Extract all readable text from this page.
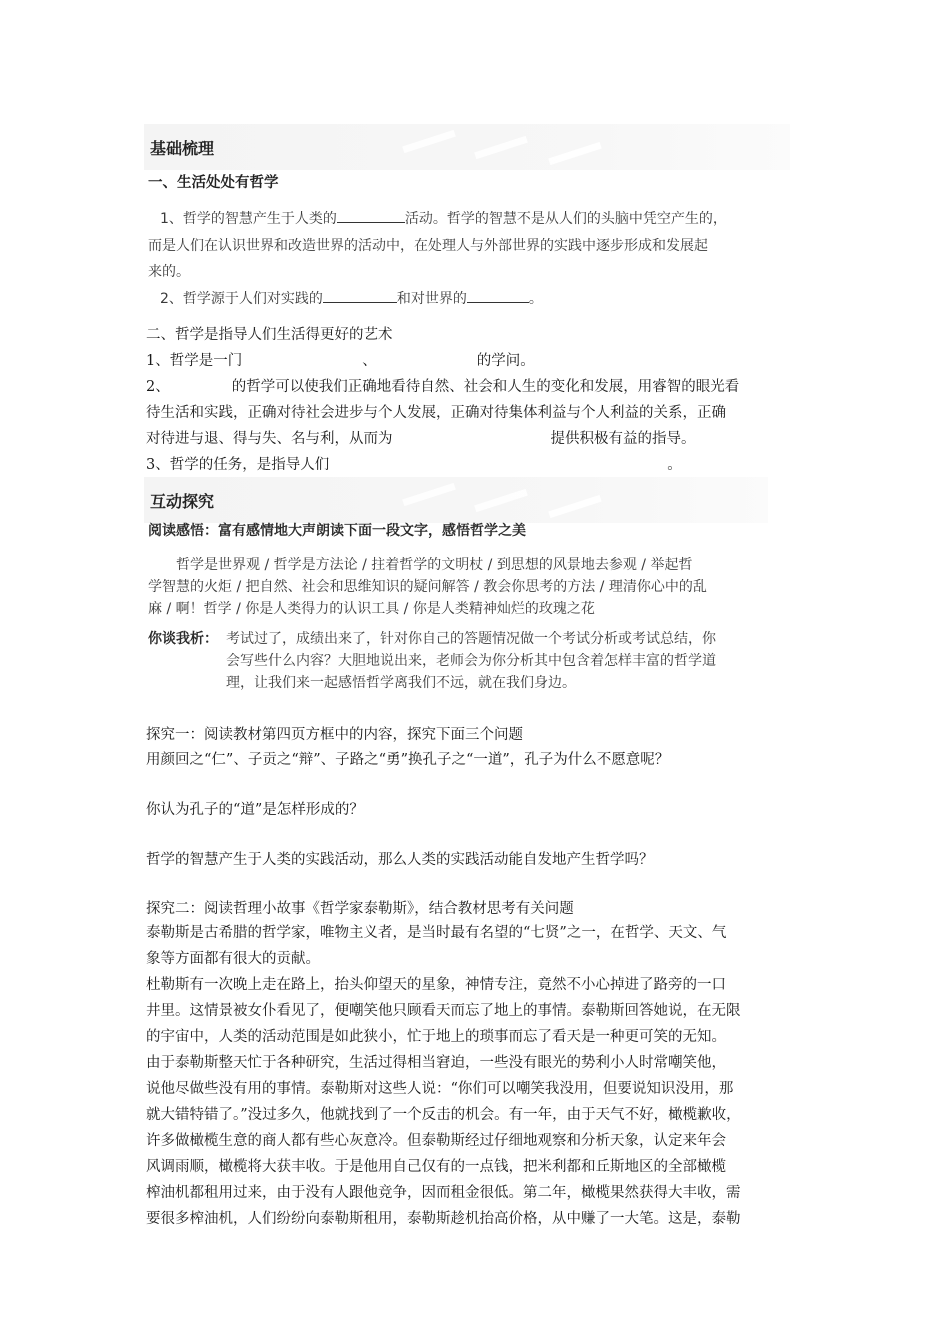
基础梳理
一、生活处处有哲学
1、哲学的智慧产生于人类的	活动。哲学的智慧不是从人们的头脑中凭空产生的，
而是人们在认识世界和改造世界的活动中，在处理人与外部世界的实践中逐步形成和发展起
来的。
2、哲学源于人们对实践的	和对世界的	。
二、哲学是指导人们生活得更好的艺术
1、哲学是一门	、	的学问。
2、	的哲学可以使我们正确地看待自然、社会和人生的变化和发展，用睿智的眼光看
待生活和实践，正确对待社会进步与个人发展，正确对待集体利益与个人利益的关系，正确
对待进与退、得与失、名与利，从而为	提供积极有益的指导。
3、哲学的任务，是指导人们	。
互动探究
阅读感悟：富有感情地大声朗读下面一段文字，感悟哲学之美
哲学是世界观 / 哲学是方法论 / 拄着哲学的文明杖 / 到思想的风景地去参观 / 举起哲
学智慧的火炬 / 把自然、社会和思维知识的疑问解答 / 教会你思考的方法 / 理清你心中的乱
麻 / 啊！哲学 / 你是人类得力的认识工具 / 你是人类精神灿烂的玫瑰之花
你谈我析： 考试过了，成绩出来了，针对你自己的答题情况做一个考试分析或考试总结，你
会写些什么内容？大胆地说出来，老师会为你分析其中包含着怎样丰富的哲学道
理，让我们来一起感悟哲学离我们不远，就在我们身边。
探究一：阅读教材第四页方框中的内容，探究下面三个问题
用颜回之“仁”、子贡之“辩”、子路之“勇”换孔子之“一道”，孔子为什么不愿意呢？
你认为孔子的“道”是怎样形成的？
哲学的智慧产生于人类的实践活动，那么人类的实践活动能自发地产生哲学吗？
探究二：阅读哲理小故事《哲学家泰勒斯》，结合教材思考有关问题
泰勒斯是古希腊的哲学家，唯物主义者，是当时最有名望的“七贤”之一，在哲学、天文、气
象等方面都有很大的贡献。
杜勒斯有一次晚上走在路上，抬头仰望天的星象，神情专注，竟然不小心掉进了路旁的一口
井里。这情景被女仆看见了，便嘲笑他只顾看天而忘了地上的事情。泰勒斯回答她说，在无限
的宇宙中，人类的活动范围是如此狭小，忙于地上的琐事而忘了看天是一种更可笑的无知。
由于泰勒斯整天忙于各种研究，生活过得相当窘迫，一些没有眼光的势利小人时常嘲笑他，
说他尽做些没有用的事情。泰勒斯对这些人说：“你们可以嘲笑我没用，但要说知识没用，那
就大错特错了。”没过多久，他就找到了一个反击的机会。有一年，由于天气不好，橄榄歉收，
许多做橄榄生意的商人都有些心灰意冷。但泰勒斯经过仔细地观察和分析天象，认定来年会
风调雨顺，橄榄将大获丰收。于是他用自己仅有的一点钱，把米利都和丘斯地区的全部橄榄
榨油机都租用过来，由于没有人跟他竞争，因而租金很低。第二年，橄榄果然获得大丰收，需
要很多榨油机，人们纷纷向泰勒斯租用，泰勒斯趁机抬高价格，从中赚了一大笔。这是，泰勒
